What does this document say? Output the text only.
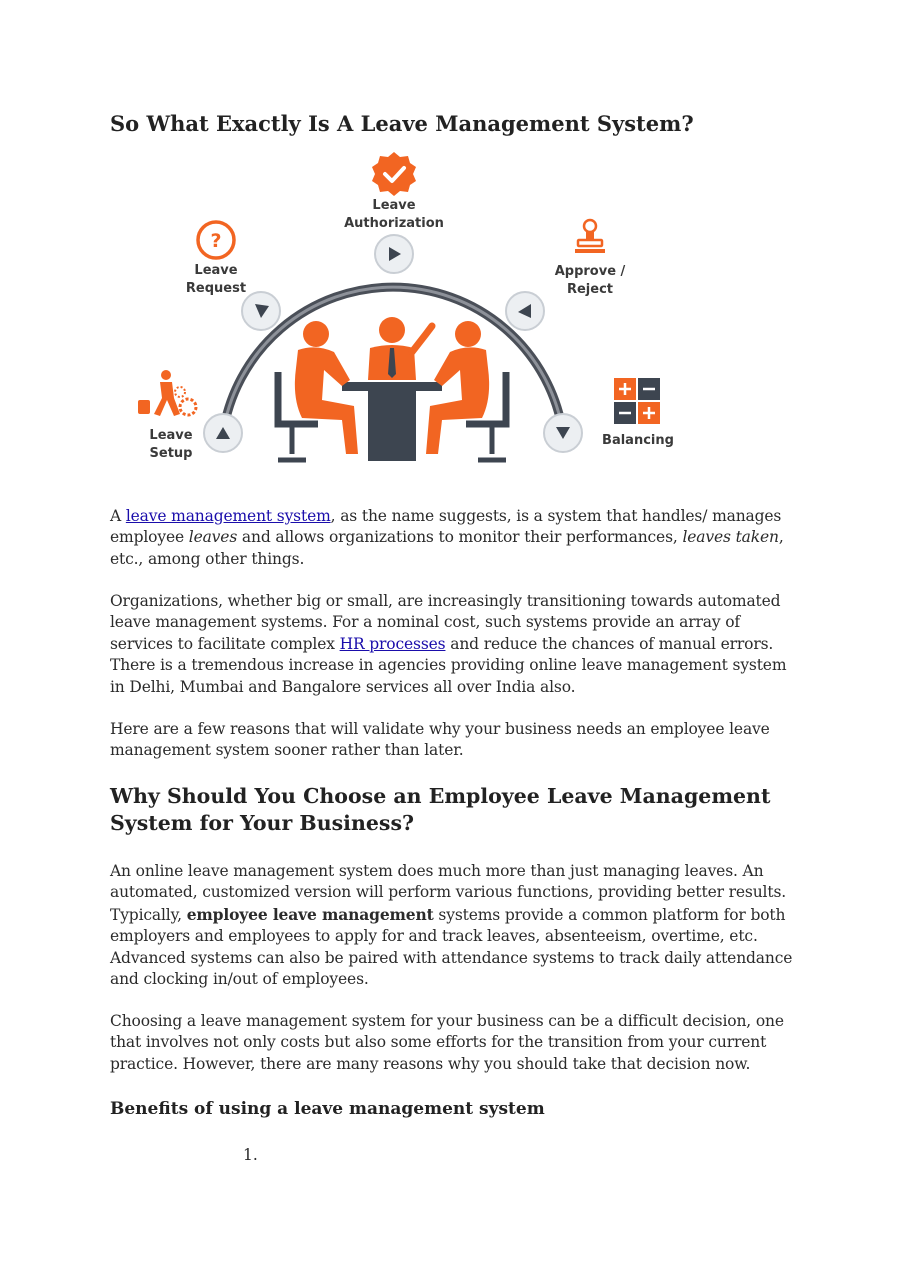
So What Exactly Is A Leave Management System?
Leave
Authorization
?
Leave
Request
Approve /
Reject
Leave
Setup
Balancing

A leave management system, as the name suggests, is a system that handles/ manages employee leaves and allows organizations to monitor their performances, leaves taken, etc., among other things.

Organizations, whether big or small, are increasingly transitioning towards automated leave management systems. For a nominal cost, such systems provide an array of services to facilitate complex HR processes and reduce the chances of manual errors. There is a tremendous increase in agencies providing online leave management system in Delhi, Mumbai and Bangalore services all over India also.

Here are a few reasons that will validate why your business needs an employee leave management system sooner rather than later.

Why Should You Choose an Employee Leave Management System for Your Business?

An online leave management system does much more than just managing leaves. An automated, customized version will perform various functions, providing better results. Typically, employee leave management systems provide a common platform for both employers and employees to apply for and track leaves, absenteeism, overtime, etc. Advanced systems can also be paired with attendance systems to track daily attendance and clocking in/out of employees.

Choosing a leave management system for your business can be a difficult decision, one that involves not only costs but also some efforts for the transition from your current practice. However, there are many reasons why you should take that decision now.

Benefits of using a leave management system
1.
